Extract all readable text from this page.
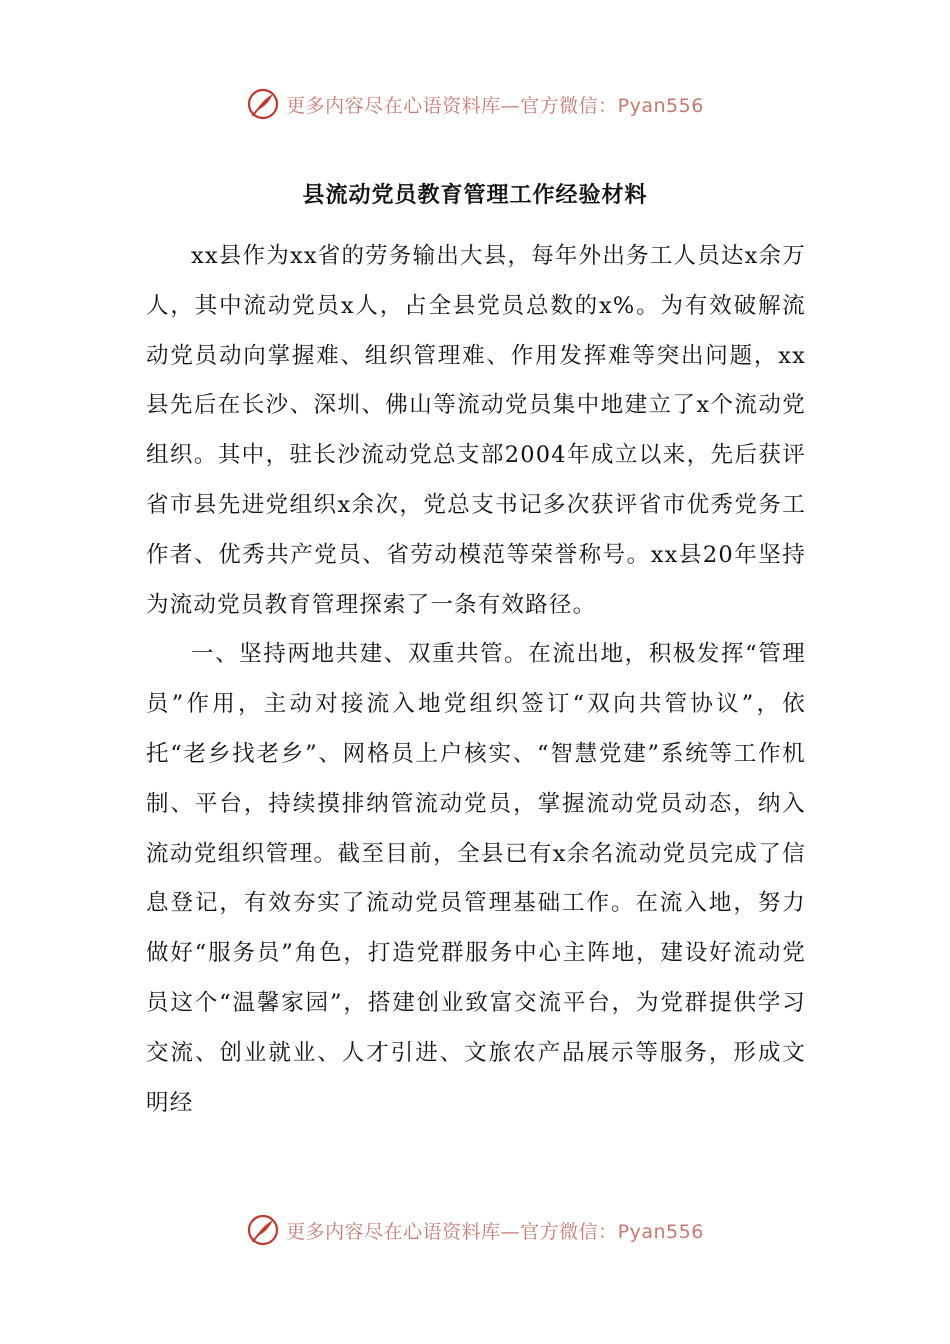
更多内容尽在心语资料库—官方微信：Pyan556
县流动党员教育管理工作经验材料

xx县作为xx省的劳务输出大县，每年外出务工人员达x余万人，其中流动党员x人，占全县党员总数的x%。为有效破解流动党员动向掌握难、组织管理难、作用发挥难等突出问题，xx县先后在长沙、深圳、佛山等流动党员集中地建立了x个流动党组织。其中，驻长沙流动党总支部2004年成立以来，先后获评省市县先进党组织x余次，党总支书记多次获评省市优秀党务工作者、优秀共产党员、省劳动模范等荣誉称号。xx县20年坚持为流动党员教育管理探索了一条有效路径。

一、坚持两地共建、双重共管。在流出地，积极发挥“管理员”作用，主动对接流入地党组织签订“双向共管协议”，依托“老乡找老乡”、网格员上户核实、“智慧党建”系统等工作机制、平台，持续摸排纳管流动党员，掌握流动党员动态，纳入流动党组织管理。截至目前，全县已有x余名流动党员完成了信息登记，有效夯实了流动党员管理基础工作。在流入地，努力做好“服务员”角色，打造党群服务中心主阵地，建设好流动党员这个“温馨家园”，搭建创业致富交流平台，为党群提供学习交流、创业就业、人才引进、文旅农产品展示等服务，形成文明经

更多内容尽在心语资料库—官方微信：Pyan556
